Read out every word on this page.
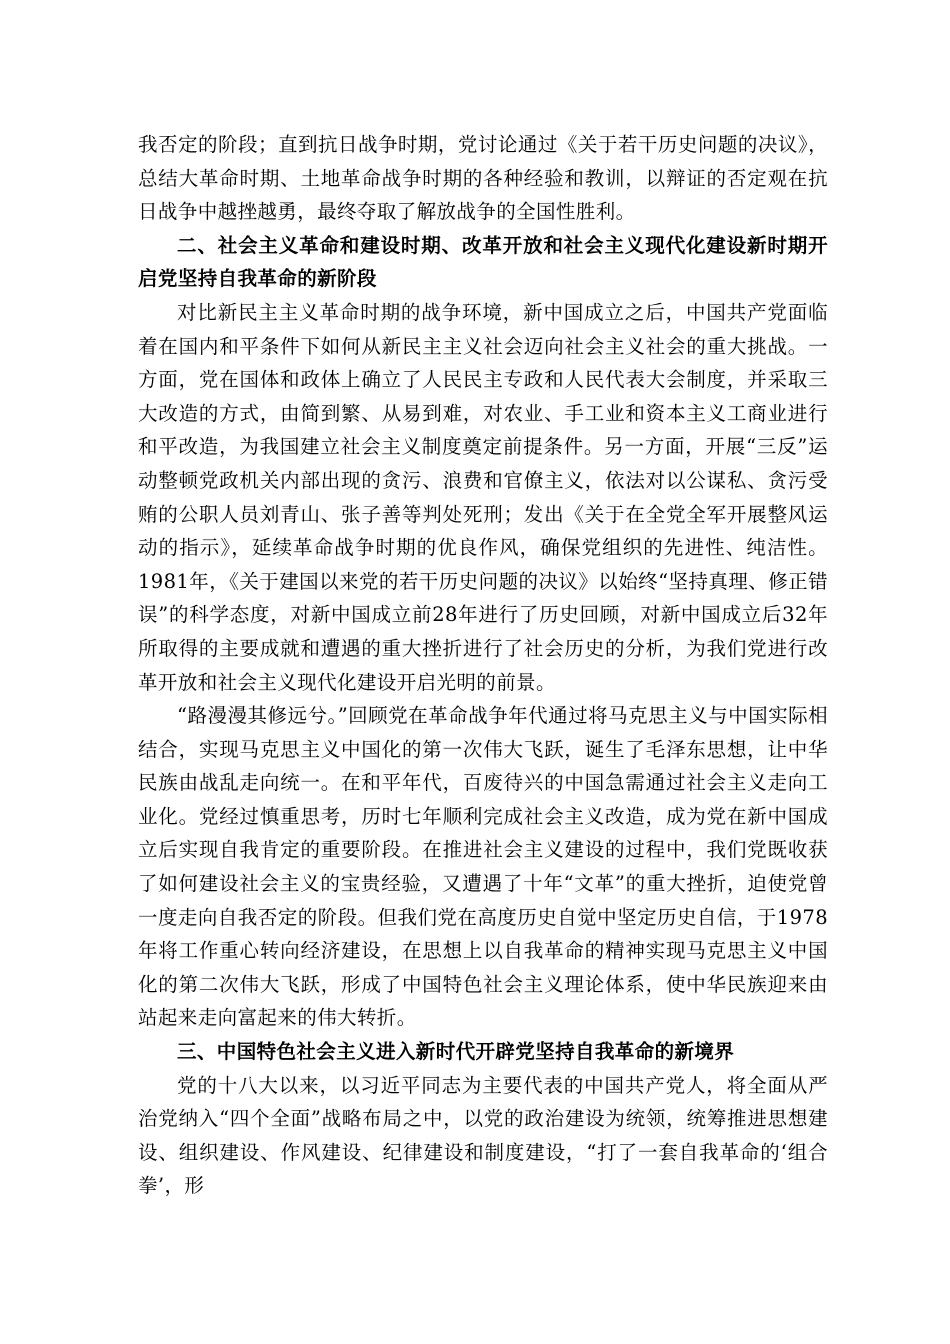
我否定的阶段；直到抗日战争时期，党讨论通过《关于若干历史问题的决议》，总结大革命时期、土地革命战争时期的各种经验和教训，以辩证的否定观在抗日战争中越挫越勇，最终夺取了解放战争的全国性胜利。

二、社会主义革命和建设时期、改革开放和社会主义现代化建设新时期开启党坚持自我革命的新阶段

对比新民主主义革命时期的战争环境，新中国成立之后，中国共产党面临着在国内和平条件下如何从新民主主义社会迈向社会主义社会的重大挑战。一方面，党在国体和政体上确立了人民民主专政和人民代表大会制度，并采取三大改造的方式，由简到繁、从易到难，对农业、手工业和资本主义工商业进行和平改造，为我国建立社会主义制度奠定前提条件。另一方面，开展“三反”运动整顿党政机关内部出现的贪污、浪费和官僚主义，依法对以公谋私、贪污受贿的公职人员刘青山、张子善等判处死刑；发出《关于在全党全军开展整风运动的指示》，延续革命战争时期的优良作风，确保党组织的先进性、纯洁性。1981年，《关于建国以来党的若干历史问题的决议》以始终“坚持真理、修正错误”的科学态度，对新中国成立前28年进行了历史回顾，对新中国成立后32年所取得的主要成就和遭遇的重大挫折进行了社会历史的分析，为我们党进行改革开放和社会主义现代化建设开启光明的前景。

“路漫漫其修远兮。”回顾党在革命战争年代通过将马克思主义与中国实际相结合，实现马克思主义中国化的第一次伟大飞跃，诞生了毛泽东思想，让中华民族由战乱走向统一。在和平年代，百废待兴的中国急需通过社会主义走向工业化。党经过慎重思考，历时七年顺利完成社会主义改造，成为党在新中国成立后实现自我肯定的重要阶段。在推进社会主义建设的过程中，我们党既收获了如何建设社会主义的宝贵经验，又遭遇了十年“文革”的重大挫折，迫使党曾一度走向自我否定的阶段。但我们党在高度历史自觉中坚定历史自信，于1978年将工作重心转向经济建设，在思想上以自我革命的精神实现马克思主义中国化的第二次伟大飞跃，形成了中国特色社会主义理论体系，使中华民族迎来由站起来走向富起来的伟大转折。

三、中国特色社会主义进入新时代开辟党坚持自我革命的新境界

党的十八大以来，以习近平同志为主要代表的中国共产党人，将全面从严治党纳入“四个全面”战略布局之中，以党的政治建设为统领，统筹推进思想建设、组织建设、作风建设、纪律建设和制度建设，“打了一套自我革命的‘组合拳’，形
